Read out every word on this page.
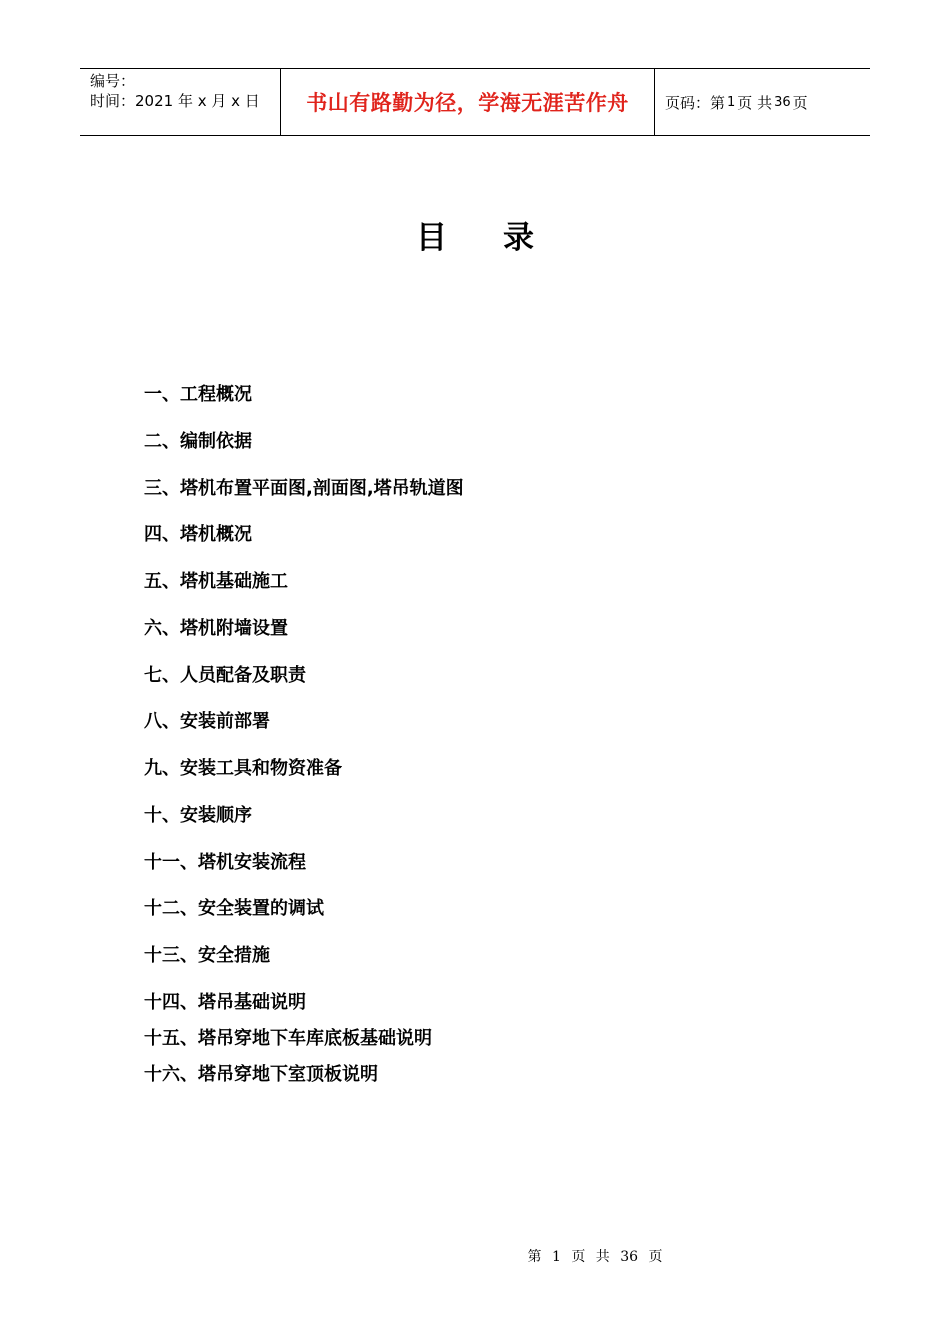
编号：
时间：2021 年 x 月 x 日	书山有路勤为径，学海无涯苦作舟	页码：第 1 页 共 36 页
目录
一、工程概况
二、编制依据
三、塔机布置平面图,剖面图,塔吊轨道图
四、塔机概况
五、塔机基础施工
六、塔机附墙设置
七、人员配备及职责
八、安装前部署
九、安装工具和物资准备
十、安装顺序
十一、塔机安装流程
十二、安全装置的调试
十三、安全措施
十四、塔吊基础说明
十五、塔吊穿地下车库底板基础说明
十六、塔吊穿地下室顶板说明
第 1 页 共 36 页
